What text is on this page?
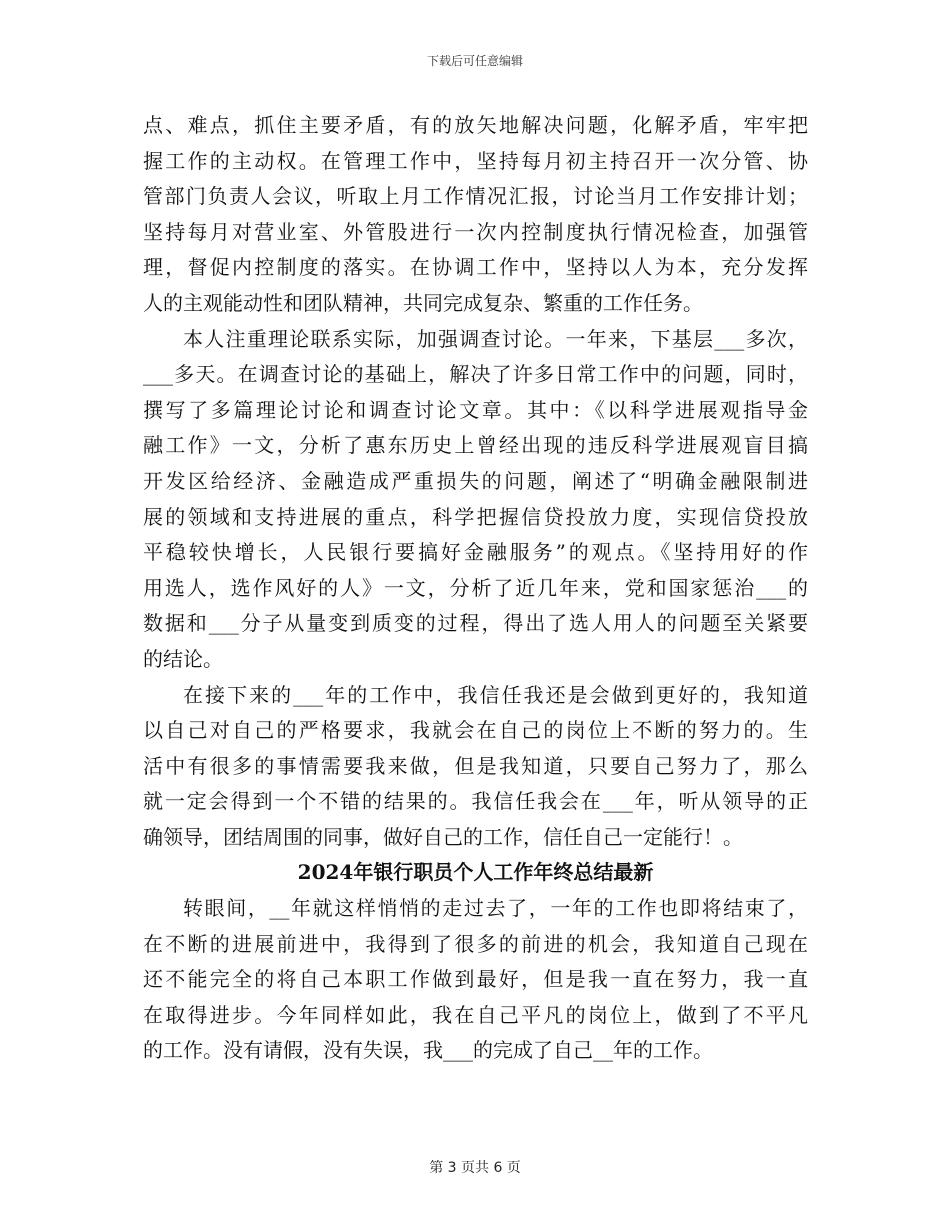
下载后可任意编辑
点、难点，抓住主要矛盾，有的放矢地解决问题，化解矛盾，牢牢把
握工作的主动权。在管理工作中，坚持每月初主持召开一次分管、协
管部门负责人会议，听取上月工作情况汇报，讨论当月工作安排计划；
坚持每月对营业室、外管股进行一次内控制度执行情况检查，加强管
理，督促内控制度的落实。在协调工作中，坚持以人为本，充分发挥
人的主观能动性和团队精神，共同完成复杂、繁重的工作任务。
本人注重理论联系实际，加强调查讨论。一年来，下基层___多次，
___多天。在调查讨论的基础上，解决了许多日常工作中的问题，同时，
撰写了多篇理论讨论和调查讨论文章。其中：《以科学进展观指导金
融工作》一文，分析了惠东历史上曾经出现的违反科学进展观盲目搞
开发区给经济、金融造成严重损失的问题，阐述了“明确金融限制进
展的领域和支持进展的重点，科学把握信贷投放力度，实现信贷投放
平稳较快增长，人民银行要搞好金融服务”的观点。《坚持用好的作
用选人，选作风好的人》一文，分析了近几年来，党和国家惩治___的
数据和___分子从量变到质变的过程，得出了选人用人的问题至关紧要
的结论。
在接下来的___年的工作中，我信任我还是会做到更好的，我知道
以自己对自己的严格要求，我就会在自己的岗位上不断的努力的。生
活中有很多的事情需要我来做，但是我知道，只要自己努力了，那么
就一定会得到一个不错的结果的。我信任我会在___年，听从领导的正
确领导，团结周围的同事，做好自己的工作，信任自己一定能行！。
2024年银行职员个人工作年终总结最新
转眼间，__年就这样悄悄的走过去了，一年的工作也即将结束了，
在不断的进展前进中，我得到了很多的前进的机会，我知道自己现在
还不能完全的将自己本职工作做到最好，但是我一直在努力，我一直
在取得进步。今年同样如此，我在自己平凡的岗位上，做到了不平凡
的工作。没有请假，没有失误，我___的完成了自己__年的工作。
第 3 页共 6 页
